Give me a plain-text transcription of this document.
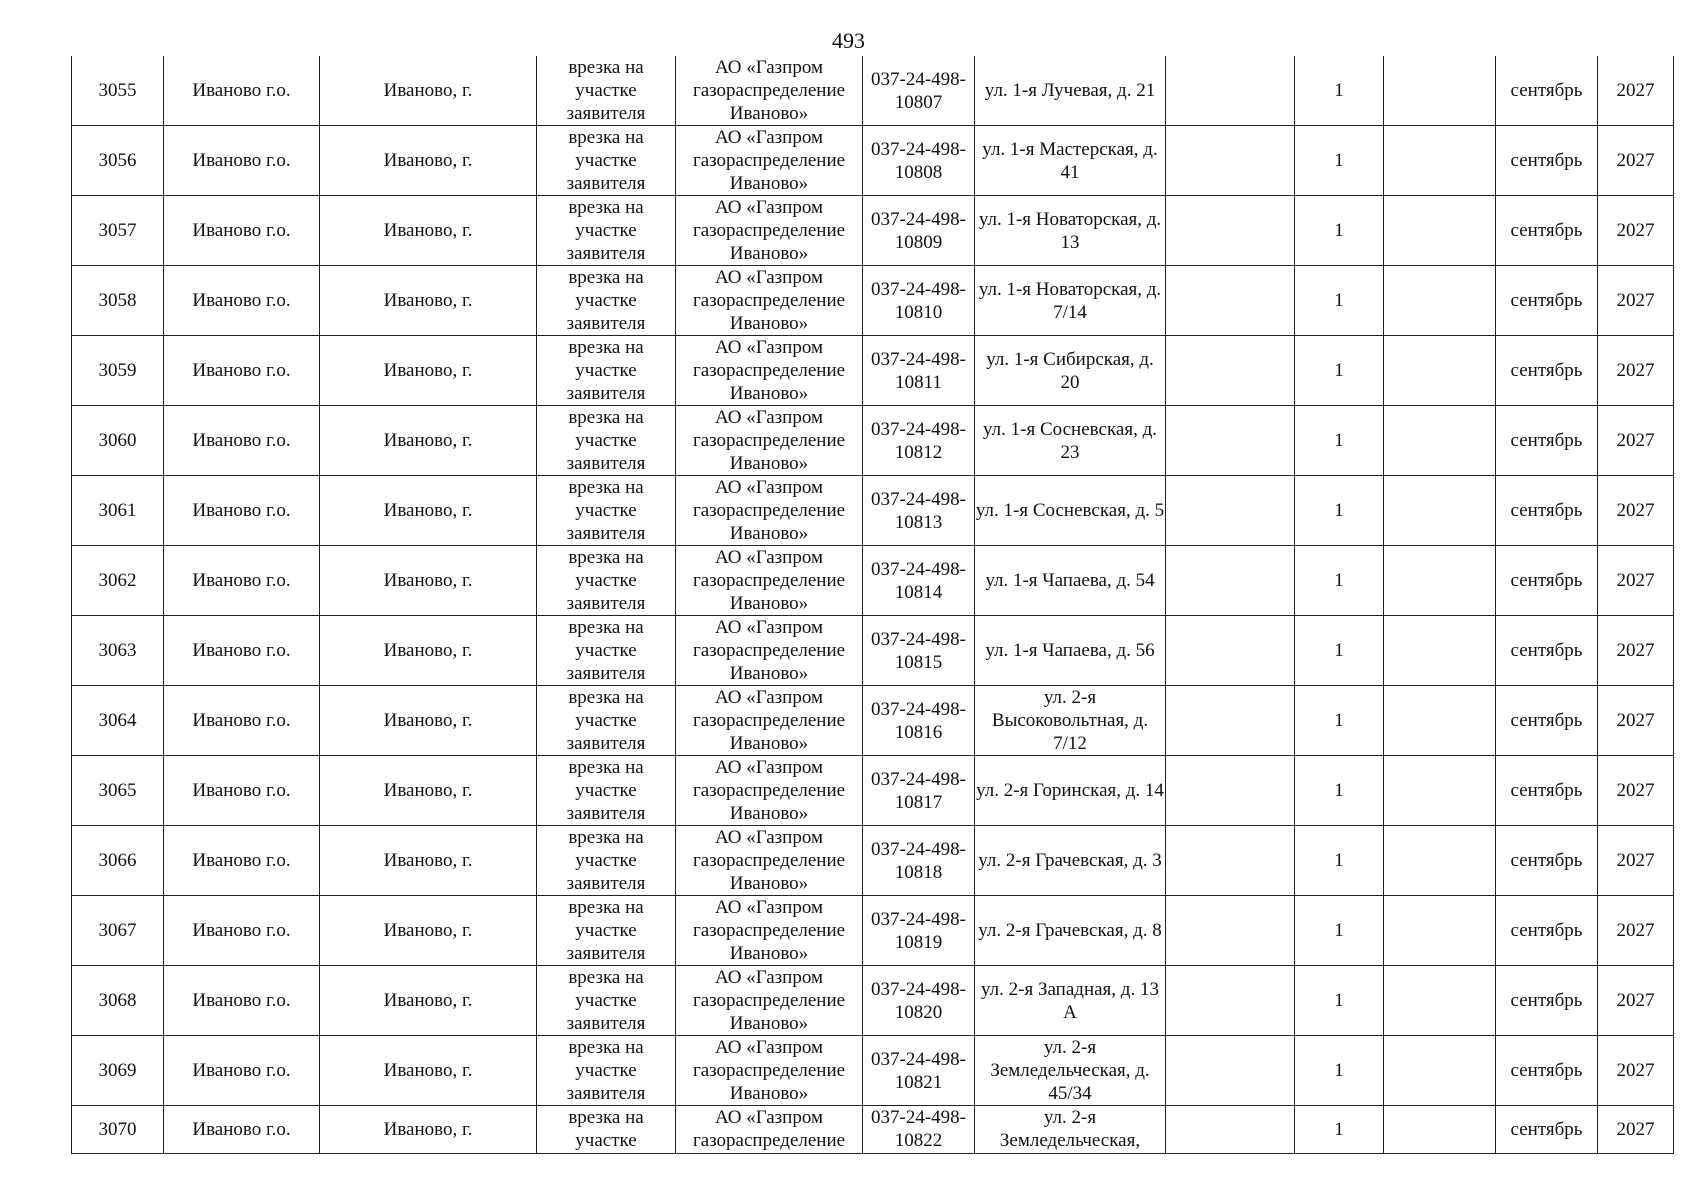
493
3055	Иваново г.о.	Иваново, г.	врезка на участке заявителя	АО «Газпром газораспределение Иваново»	037-24-498-10807	ул. 1-я Лучевая, д. 21		1		сентябрь	2027

3056	Иваново г.о.	Иваново, г.	врезка на участке заявителя	АО «Газпром газораспределение Иваново»	037-24-498-10808	ул. 1-я Мастерская, д. 41		1		сентябрь	2027

3057	Иваново г.о.	Иваново, г.	врезка на участке заявителя	АО «Газпром газораспределение Иваново»	037-24-498-10809	ул. 1-я Новаторская, д. 13		1		сентябрь	2027

3058	Иваново г.о.	Иваново, г.	врезка на участке заявителя	АО «Газпром газораспределение Иваново»	037-24-498-10810	ул. 1-я Новаторская, д. 7/14		1		сентябрь	2027

3059	Иваново г.о.	Иваново, г.	врезка на участке заявителя	АО «Газпром газораспределение Иваново»	037-24-498-10811	ул. 1-я Сибирская, д. 20		1		сентябрь	2027

3060	Иваново г.о.	Иваново, г.	врезка на участке заявителя	АО «Газпром газораспределение Иваново»	037-24-498-10812	ул. 1-я Сосневская, д. 23		1		сентябрь	2027

3061	Иваново г.о.	Иваново, г.	врезка на участке заявителя	АО «Газпром газораспределение Иваново»	037-24-498-10813	ул. 1-я Сосневская, д. 5		1		сентябрь	2027

3062	Иваново г.о.	Иваново, г.	врезка на участке заявителя	АО «Газпром газораспределение Иваново»	037-24-498-10814	ул. 1-я Чапаева, д. 54		1		сентябрь	2027

3063	Иваново г.о.	Иваново, г.	врезка на участке заявителя	АО «Газпром газораспределение Иваново»	037-24-498-10815	ул. 1-я Чапаева, д. 56		1		сентябрь	2027

3064	Иваново г.о.	Иваново, г.	врезка на участке заявителя	АО «Газпром газораспределение Иваново»	037-24-498-10816	ул. 2-я Высоковольтная, д. 7/12		1		сентябрь	2027

3065	Иваново г.о.	Иваново, г.	врезка на участке заявителя	АО «Газпром газораспределение Иваново»	037-24-498-10817	ул. 2-я Горинская, д. 14		1		сентябрь	2027

3066	Иваново г.о.	Иваново, г.	врезка на участке заявителя	АО «Газпром газораспределение Иваново»	037-24-498-10818	ул. 2-я Грачевская, д. 3		1		сентябрь	2027

3067	Иваново г.о.	Иваново, г.	врезка на участке заявителя	АО «Газпром газораспределение Иваново»	037-24-498-10819	ул. 2-я Грачевская, д. 8		1		сентябрь	2027

3068	Иваново г.о.	Иваново, г.	врезка на участке заявителя	АО «Газпром газораспределение Иваново»	037-24-498-10820	ул. 2-я Западная, д. 13 А		1		сентябрь	2027

3069	Иваново г.о.	Иваново, г.	врезка на участке заявителя	АО «Газпром газораспределение Иваново»	037-24-498-10821	ул. 2-я Земледельческая, д. 45/34		1		сентябрь	2027

3070	Иваново г.о.	Иваново, г.	врезка на участке	АО «Газпром газораспределение	037-24-498-10822	ул. 2-я Земледельческая,		1		сентябрь	2027
